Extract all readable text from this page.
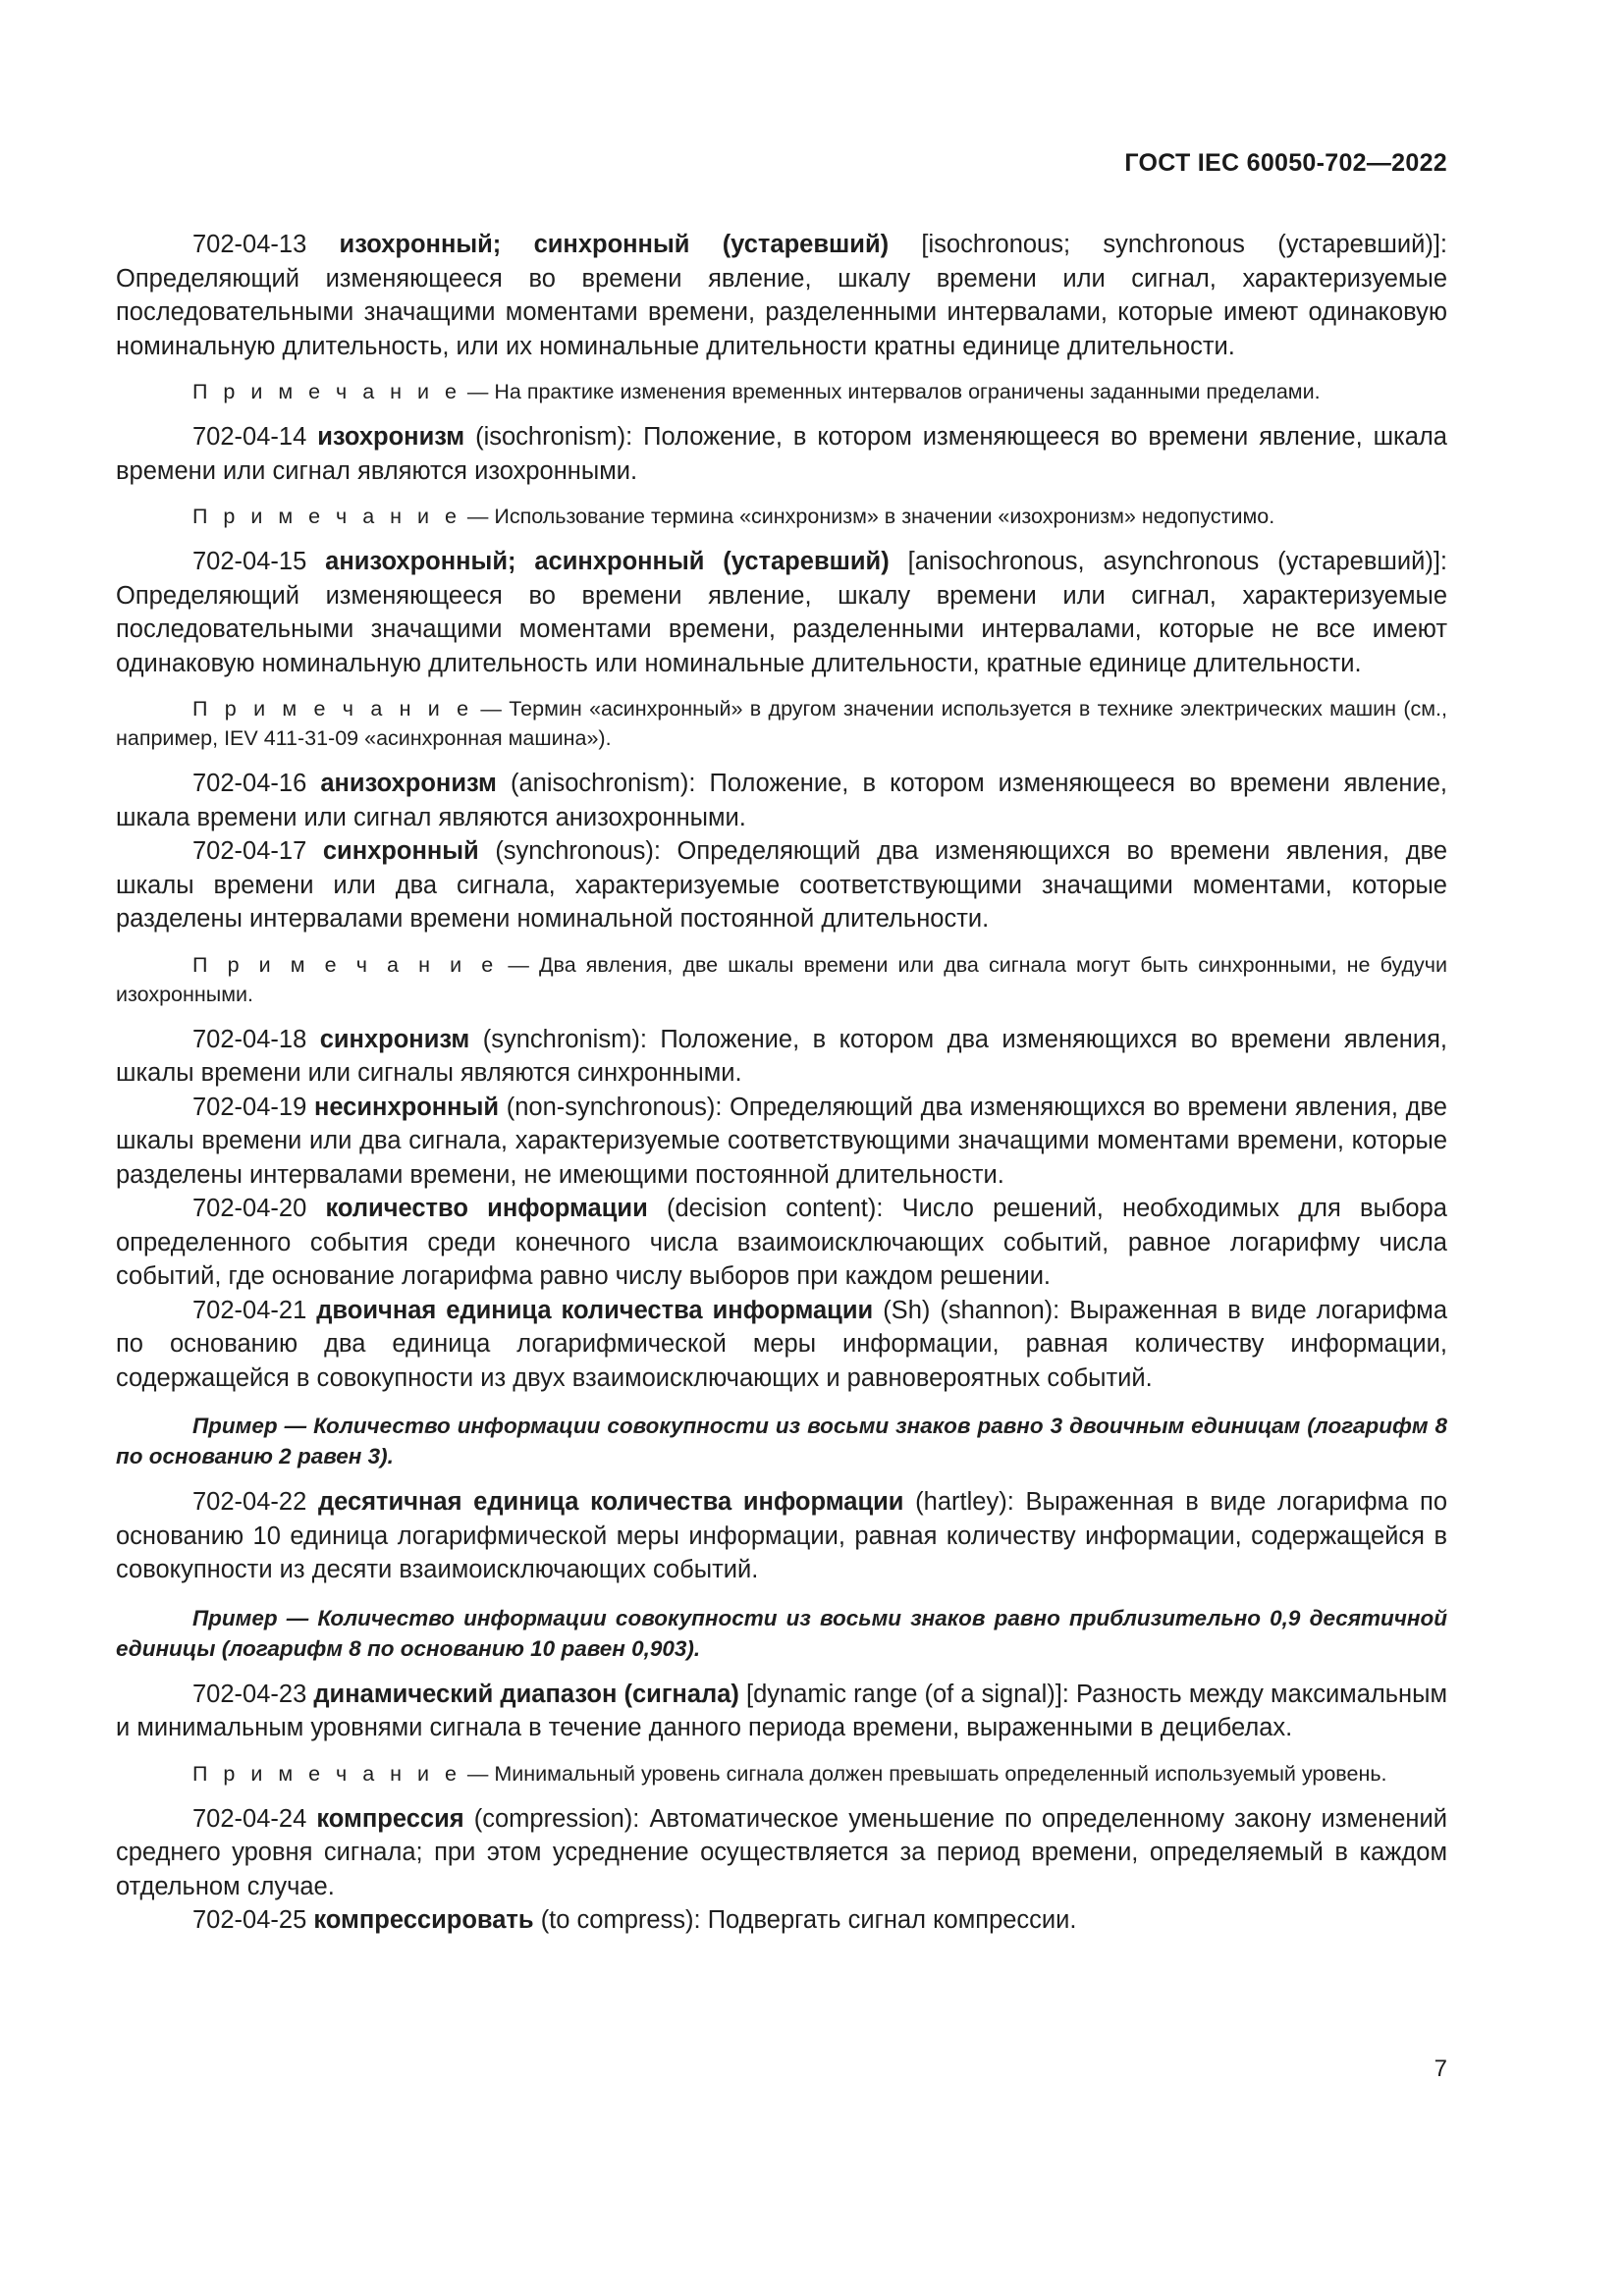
ГОСТ IEC 60050-702—2022

702-04-13 изохронный; синхронный (устаревший) [isochronous; synchronous (устаревший)]: Определяющий изменяющееся во времени явление, шкалу времени или сигнал, характеризуемые последовательными значащими моментами времени, разделенными интервалами, которые имеют одинаковую номинальную длительность, или их номинальные длительности кратны единице длительности.

П р и м е ч а н и е — На практике изменения временных интервалов ограничены заданными пределами.

702-04-14 изохронизм (isochronism): Положение, в котором изменяющееся во времени явление, шкала времени или сигнал являются изохронными.

П р и м е ч а н и е — Использование термина «синхронизм» в значении «изохронизм» недопустимо.

702-04-15 анизохронный; асинхронный (устаревший) [anisochronous, asynchronous (устаревший)]: Определяющий изменяющееся во времени явление, шкалу времени или сигнал, характеризуемые последовательными значащими моментами времени, разделенными интервалами, которые не все имеют одинаковую номинальную длительность или номинальные длительности, кратные единице длительности.

П р и м е ч а н и е — Термин «асинхронный» в другом значении используется в технике электрических машин (см., например, IEV 411-31-09 «асинхронная машина»).

702-04-16 анизохронизм (anisochronism): Положение, в котором изменяющееся во времени явление, шкала времени или сигнал являются анизохронными.

702-04-17 синхронный (synchronous): Определяющий два изменяющихся во времени явления, две шкалы времени или два сигнала, характеризуемые соответствующими значащими моментами, которые разделены интервалами времени номинальной постоянной длительности.

П р и м е ч а н и е — Два явления, две шкалы времени или два сигнала могут быть синхронными, не будучи изохронными.

702-04-18 синхронизм (synchronism): Положение, в котором два изменяющихся во времени явления, шкалы времени или сигналы являются синхронными.

702-04-19 несинхронный (non-synchronous): Определяющий два изменяющихся во времени явления, две шкалы времени или два сигнала, характеризуемые соответствующими значащими моментами времени, которые разделены интервалами времени, не имеющими постоянной длительности.

702-04-20 количество информации (decision content): Число решений, необходимых для выбора определенного события среди конечного числа взаимоисключающих событий, равное логарифму числа событий, где основание логарифма равно числу выборов при каждом решении.

702-04-21 двоичная единица количества информации (Sh) (shannon): Выраженная в виде логарифма по основанию два единица логарифмической меры информации, равная количеству информации, содержащейся в совокупности из двух взаимоисключающих и равновероятных событий.

Пример — Количество информации совокупности из восьми знаков равно 3 двоичным единицам (логарифм 8 по основанию 2 равен 3).

702-04-22 десятичная единица количества информации (hartley): Выраженная в виде логарифма по основанию 10 единица логарифмической меры информации, равная количеству информации, содержащейся в совокупности из десяти взаимоисключающих событий.

Пример — Количество информации совокупности из восьми знаков равно приблизительно 0,9 десятичной единицы (логарифм 8 по основанию 10 равен 0,903).

702-04-23 динамический диапазон (сигнала) [dynamic range (of a signal)]: Разность между максимальным и минимальным уровнями сигнала в течение данного периода времени, выраженными в децибелах.

П р и м е ч а н и е — Минимальный уровень сигнала должен превышать определенный используемый уровень.

702-04-24 компрессия (compression): Автоматическое уменьшение по определенному закону изменений среднего уровня сигнала; при этом усреднение осуществляется за период времени, определяемый в каждом отдельном случае.

702-04-25 компрессировать (to compress): Подвергать сигнал компрессии.

7
